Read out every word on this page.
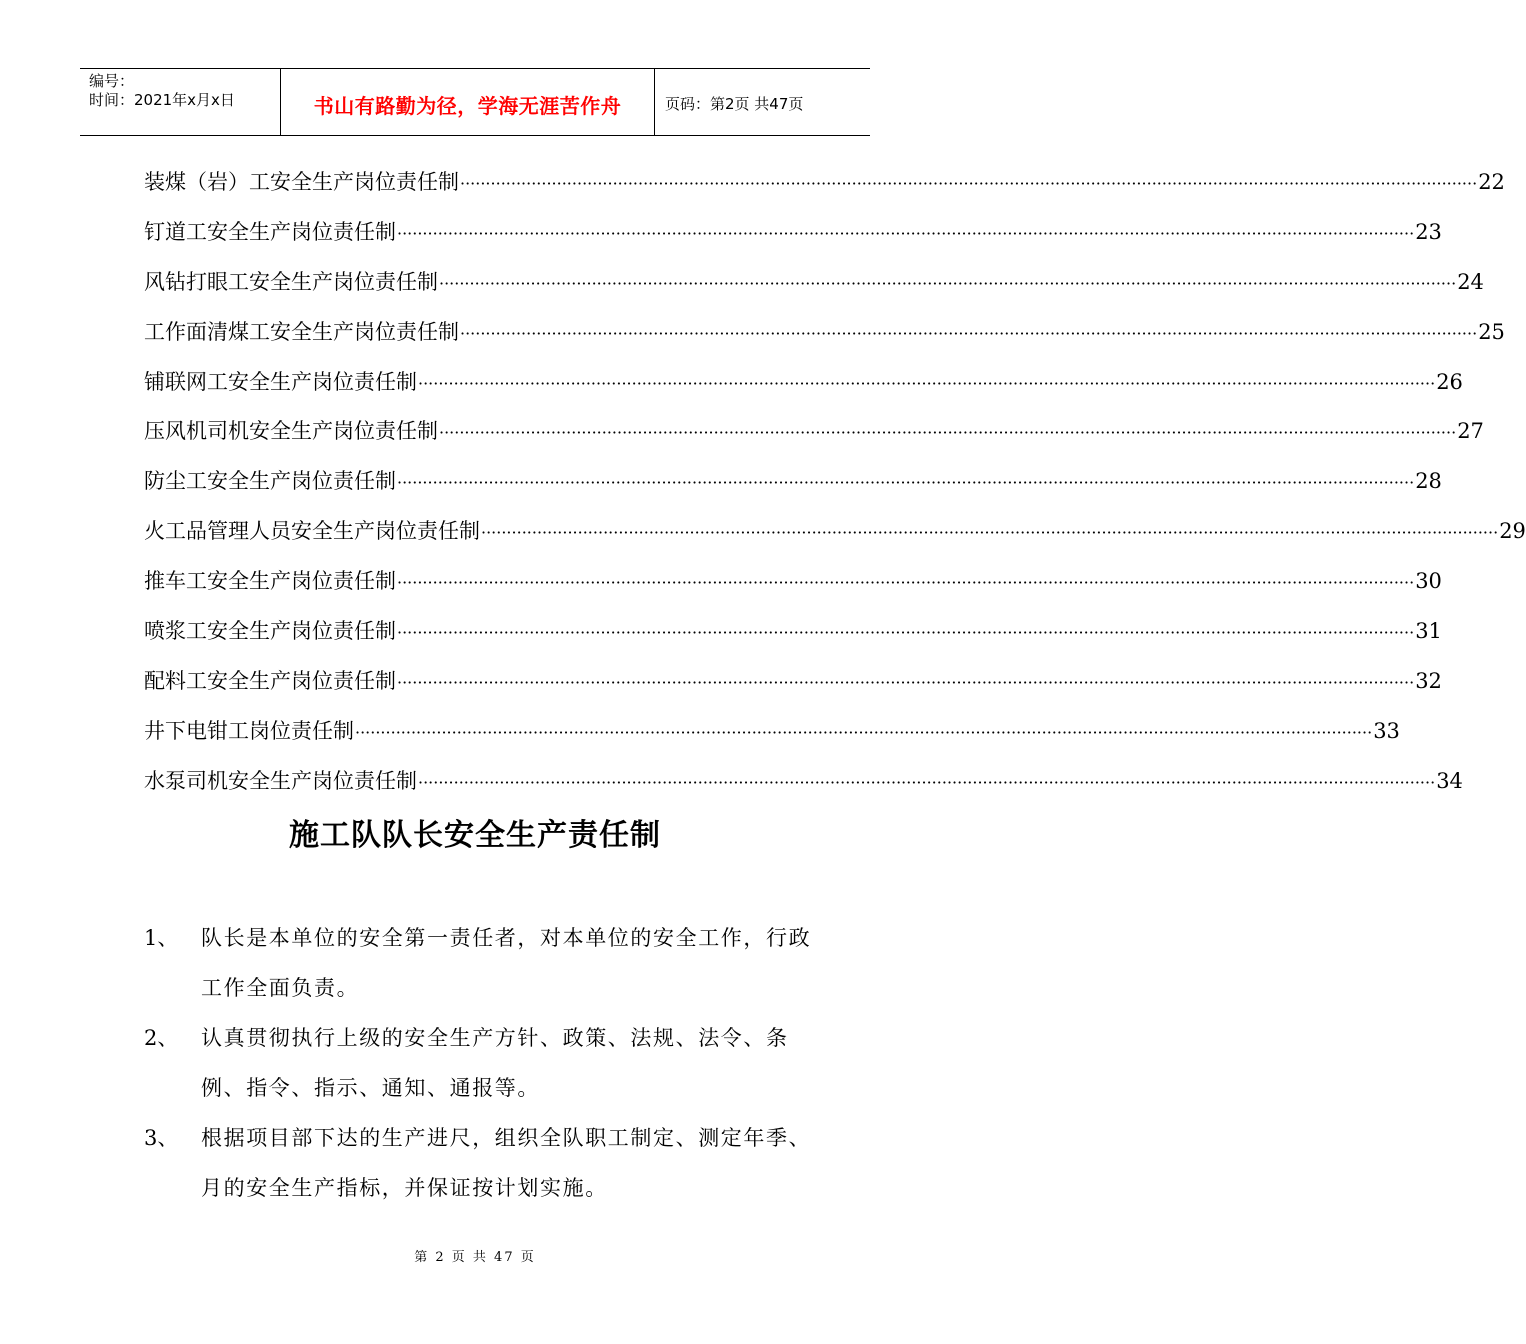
编号：
时间：2021年x月x日	书山有路勤为径，学海无涯苦作舟	页码：第2页 共47页
装煤（岩）工安全生产岗位责任制 ········································································································································································································ 22
钉道工安全生产岗位责任制 ········································································································································································································ 23
风钻打眼工安全生产岗位责任制 ········································································································································································································ 24
工作面清煤工安全生产岗位责任制 ········································································································································································································ 25
铺联网工安全生产岗位责任制 ········································································································································································································ 26
压风机司机安全生产岗位责任制 ········································································································································································································ 27
防尘工安全生产岗位责任制 ········································································································································································································ 28
火工品管理人员安全生产岗位责任制 ········································································································································································································ 29
推车工安全生产岗位责任制 ········································································································································································································ 30
喷浆工安全生产岗位责任制 ········································································································································································································ 31
配料工安全生产岗位责任制 ········································································································································································································ 32
井下电钳工岗位责任制 ········································································································································································································ 33
水泵司机安全生产岗位责任制 ········································································································································································································ 34
施工队队长安全生产责任制
1、	队长是本单位的安全第一责任者，对本单位的安全工作，行政工作全面负责。
2、	认真贯彻执行上级的安全生产方针、政策、法规、法令、条例、指令、指示、通知、通报等。
3、	根据项目部下达的生产进尺，组织全队职工制定、测定年季、月的安全生产指标，并保证按计划实施。
第 2 页 共 47 页
